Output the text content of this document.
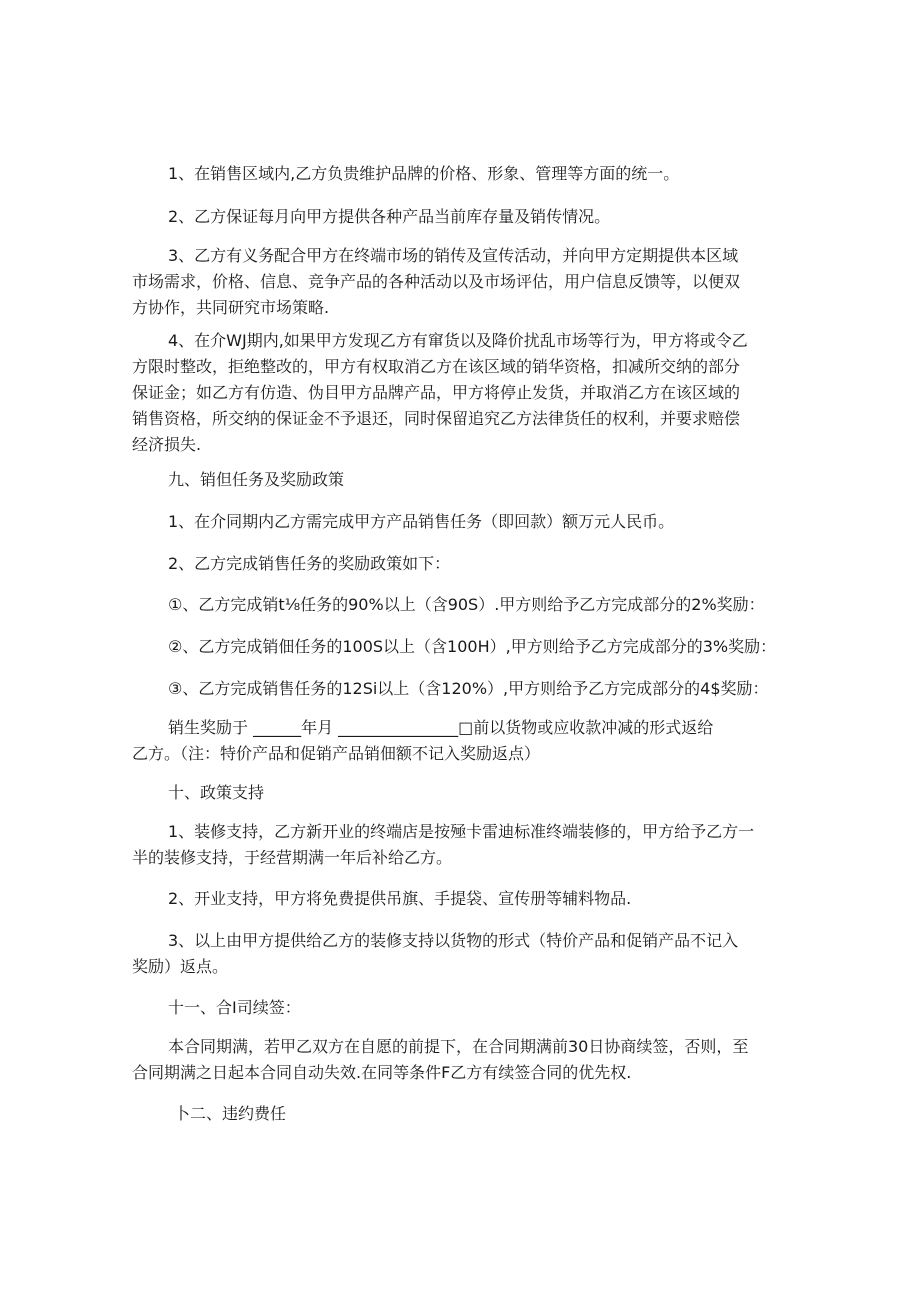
1、在销售区域内,乙方负贵维护品牌的价格、形象、管理等方面的统一。
2、乙方保证每月向甲方提供各种产品当前库存量及销传情况。
3、乙方有义务配合甲方在终端市场的销传及宣传活动，并向甲方定期提供本区域
市场需求，价格、信息、竞争产品的各种活动以及市场评估，用户信息反馈等，以便双
方协作，共同研究市场策略.
4、在介WJ期内,如果甲方发现乙方有窜货以及降价扰乱市场等行为，甲方将或令乙
方限时整改，拒绝整改的，甲方有权取消乙方在该区域的销华资格，扣减所交纳的部分
保证金；如乙方有仿造、伪目甲方品牌产品，甲方将停止发货，并取消乙方在该区域的
销售资格，所交纳的保证金不予退还，同时保留追究乙方法律货任的权利，并要求赔偿
经济损失.
九、销但任务及奖励政策
1、在介同期内乙方需完成甲方产品销售任务（即回款）额万元人民币。
2、乙方完成销售任务的奖励政策如下：
①、乙方完成销t⅛任务的90%以上（含90S）.甲方则给予乙方完成部分的2%奖励：
②、乙方完成销佃任务的100S以上（含100H）,甲方则给予乙方完成部分的3%奖励：
③、乙方完成销售任务的12Si以上（含120%）,甲方则给予乙方完成部分的4$奖励：
销生奖励于 ______年月 _______________□前以货物或应收款冲减的形式返给
乙方。（注：特价产品和促销产品销佃额不记入奖励返点）
十、政策支持
1、装修支持，乙方新开业的终端店是按殛卡雷迪标准终端装修的，甲方给予乙方一
半的装修支持，于经营期满一年后补给乙方。
2、开业支持，甲方将免费提供吊旗、手提袋、宣传册等辅料物品.
3、以上由甲方提供给乙方的装修支持以货物的形式（特价产品和促销产品不记入
奖励）返点。
十一、合I司续签：
本合同期满，若甲乙双方在自愿的前提下，在合同期满前30日协商续签，否则，至
合同期满之日起本合同自动失效.在同等条件F乙方有续签合同的优先权.
卜二、违约费任
